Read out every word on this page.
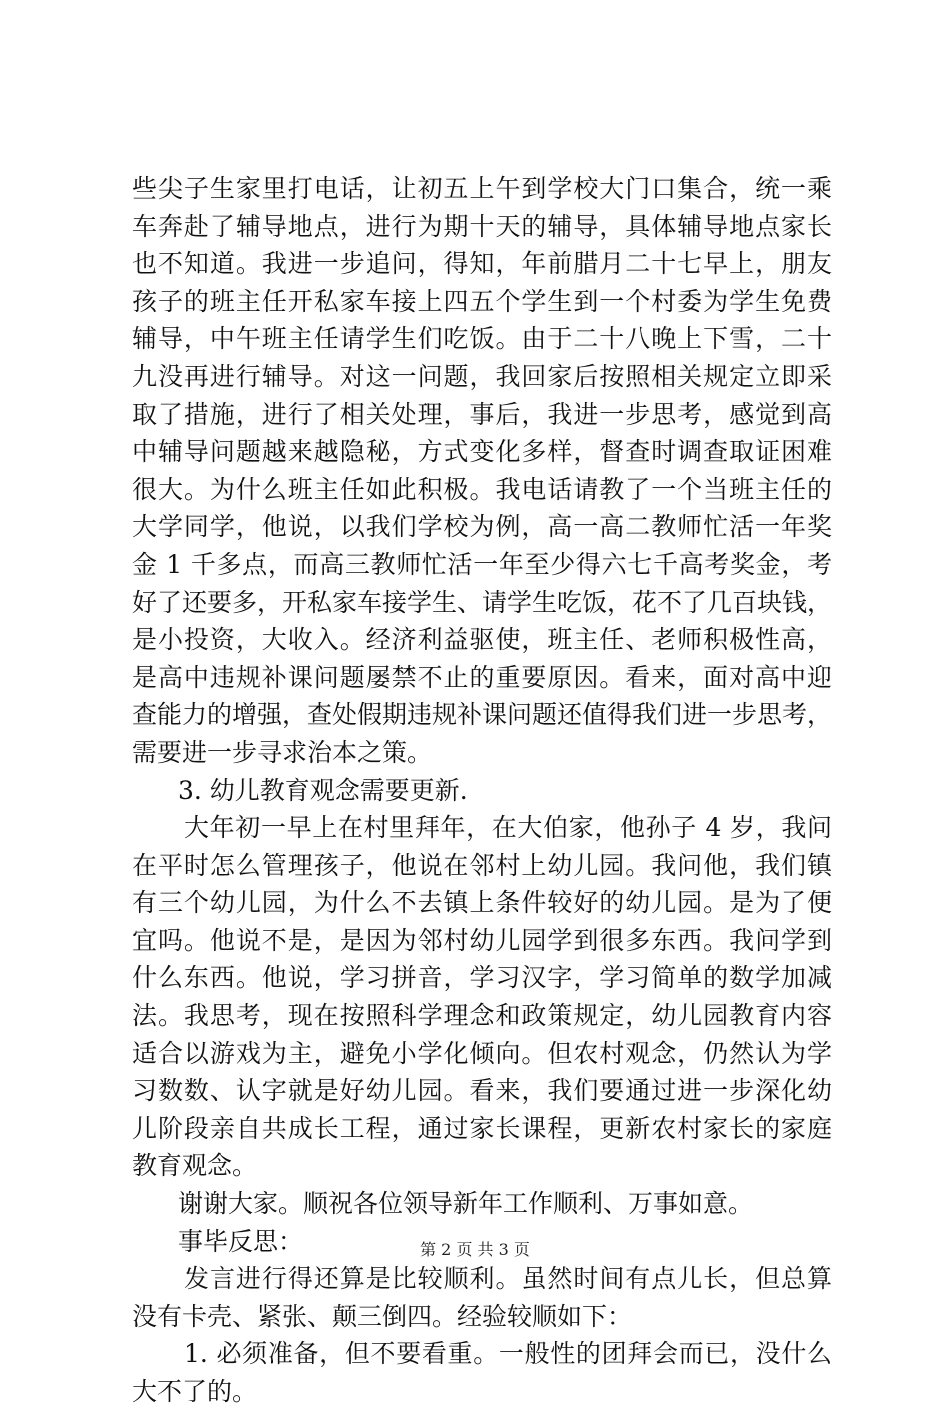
些尖子生家里打电话，让初五上午到学校大门口集合，统一乘
车奔赴了辅导地点，进行为期十天的辅导，具体辅导地点家长
也不知道。我进一步追问，得知，年前腊月二十七早上，朋友
孩子的班主任开私家车接上四五个学生到一个村委为学生免费
辅导，中午班主任请学生们吃饭。由于二十八晚上下雪，二十
九没再进行辅导。对这一问题，我回家后按照相关规定立即采
取了措施，进行了相关处理，事后，我进一步思考，感觉到高
中辅导问题越来越隐秘，方式变化多样，督查时调查取证困难
很大。为什么班主任如此积极。我电话请教了一个当班主任的
大学同学，他说，以我们学校为例，高一高二教师忙活一年奖
金 1 千多点，而高三教师忙活一年至少得六七千高考奖金，考
好了还要多，开私家车接学生、请学生吃饭，花不了几百块钱，
是小投资，大收入。经济利益驱使，班主任、老师积极性高，
是高中违规补课问题屡禁不止的重要原因。看来，面对高中迎
查能力的增强，查处假期违规补课问题还值得我们进一步思考，
需要进一步寻求治本之策。
3. 幼儿教育观念需要更新.
大年初一早上在村里拜年，在大伯家，他孙子 4 岁，我问
在平时怎么管理孩子，他说在邻村上幼儿园。我问他，我们镇
有三个幼儿园，为什么不去镇上条件较好的幼儿园。是为了便
宜吗。他说不是，是因为邻村幼儿园学到很多东西。我问学到
什么东西。他说，学习拼音，学习汉字，学习简单的数学加减
法。我思考，现在按照科学理念和政策规定，幼儿园教育内容
适合以游戏为主，避免小学化倾向。但农村观念，仍然认为学
习数数、认字就是好幼儿园。看来，我们要通过进一步深化幼
儿阶段亲自共成长工程，通过家长课程，更新农村家长的家庭
教育观念。
谢谢大家。顺祝各位领导新年工作顺利、万事如意。
事毕反思：
发言进行得还算是比较顺利。虽然时间有点儿长，但总算
没有卡壳、紧张、颠三倒四。经验较顺如下：
1. 必须准备，但不要看重。一般性的团拜会而已，没什么
大不了的。
第 2 页 共 3 页
